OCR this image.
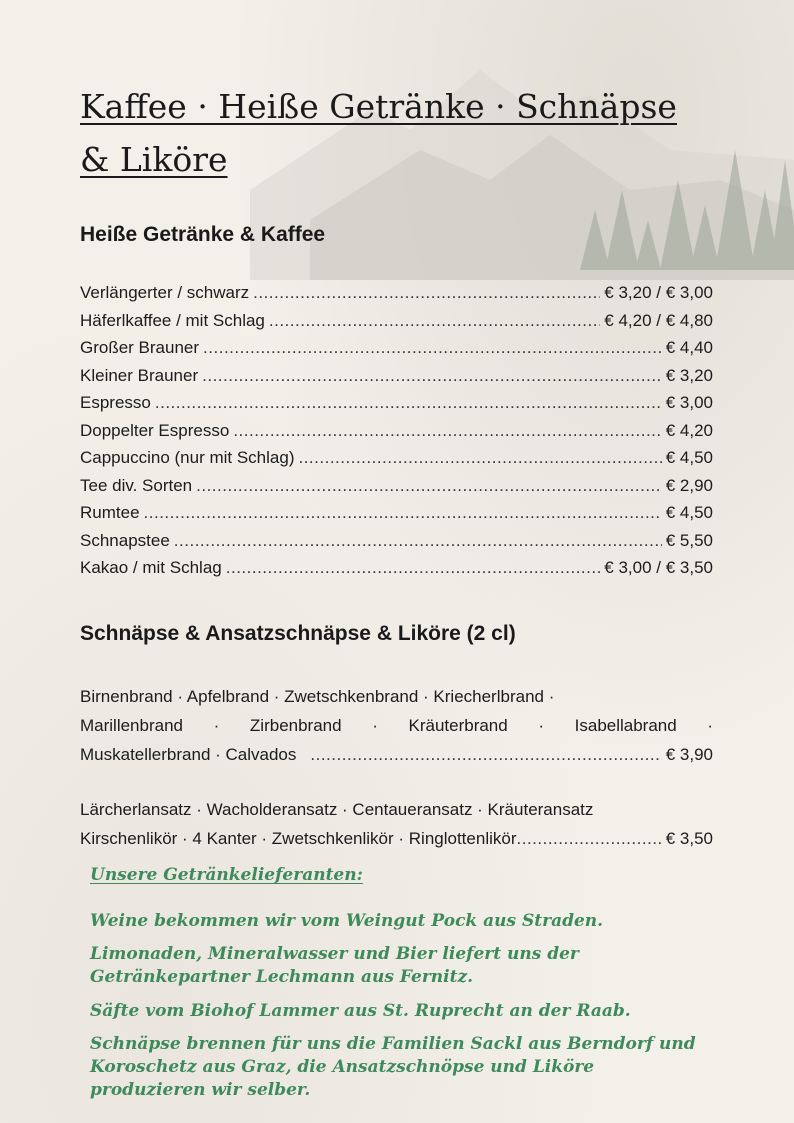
Kaffee · Heiße Getränke · Schnäpse & Liköre
Heiße Getränke & Kaffee
Verlängerter / schwarz .....	€ 3,20 / € 3,00
Häferlkaffee / mit Schlag .....	€ 4,20 / € 4,80
Großer Brauner .....	€ 4,40
Kleiner Brauner .....	€ 3,20
Espresso .....	€ 3,00
Doppelter Espresso .....	€ 4,20
Cappuccino (nur mit Schlag) .....	€ 4,50
Tee div. Sorten .....	€ 2,90
Rumtee .....	€ 4,50
Schnapstee .....	€ 5,50
Kakao / mit Schlag .....	€ 3,00 / € 3,50
Schnäpse & Ansatzschnäpse & Liköre (2 cl)
Birnenbrand · Apfelbrand · Zwetschkenbrand · Kriecherlbrand ·
Marillenbrand · Zirbenbrand · Kräuterbrand · Isabellabrand ·
Muskatellerbrand · Calvados .....	€ 3,90
Lärcherlansatz · Wacholderansatz · Centaueransatz · Kräuteransatz
Kirschenlikör · 4 Kanter · Zwetschkenlikör · Ringlottenlikör .....	€ 3,50
Unsere Getränkelieferanten:
Weine bekommen wir vom Weingut Pock aus Straden.
Limonaden, Mineralwasser und Bier liefert uns der Getränkepartner Lechmann aus Fernitz.
Säfte vom Biohof Lammer aus St. Ruprecht an der Raab.
Schnäpse brennen für uns die Familien Sackl aus Berndorf und Koroschetz aus Graz, die Ansatzschnöpse und Liköre produzieren wir selber.
